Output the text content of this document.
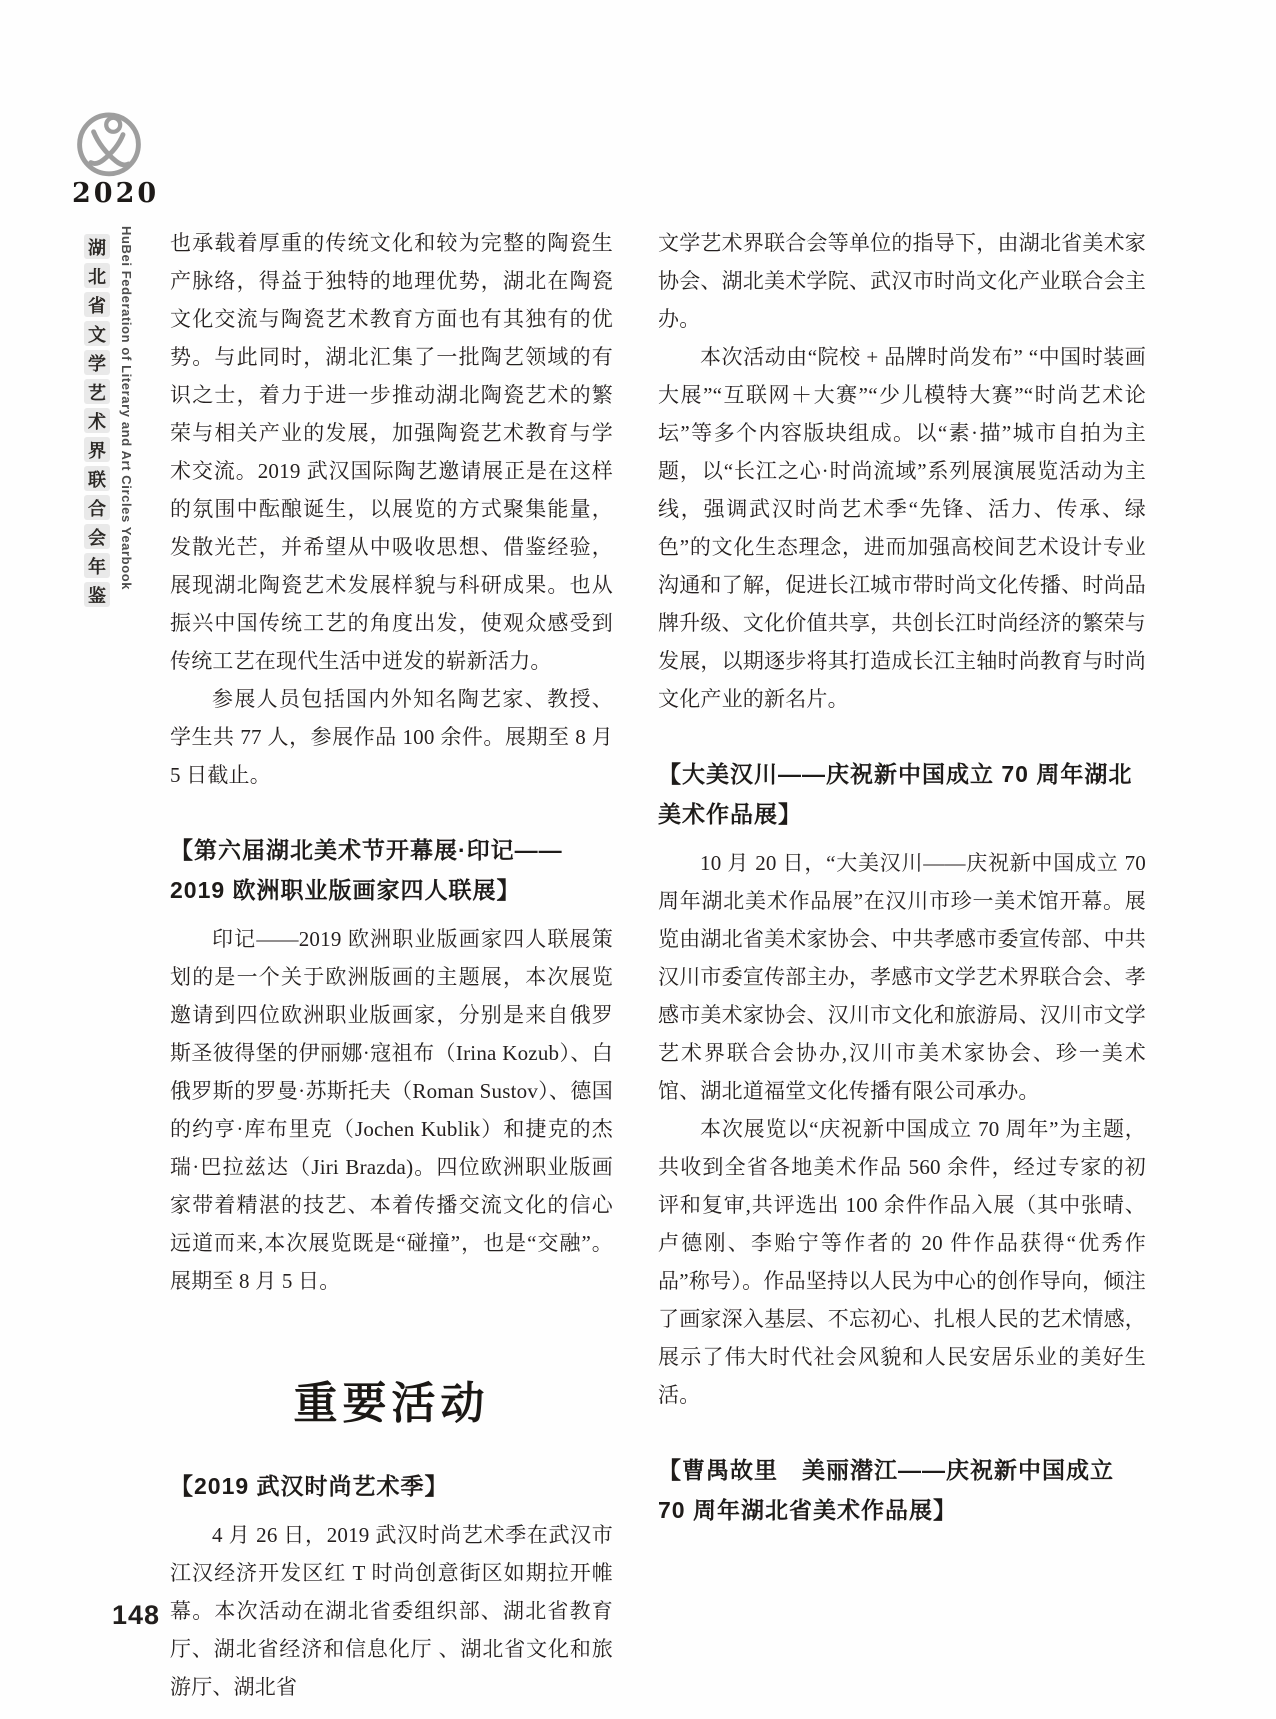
2020
湖
北
省
文
学
艺
术
界
联
合
会
年
鉴
HuBei Federation of Literary and Art Circles Yearbook 也承载着厚重的传统文化和较为完整的陶瓷生产脉络，得益于独特的地理优势，湖北在陶瓷文化交流与陶瓷艺术教育方面也有其独有的优势。与此同时，湖北汇集了一批陶艺领域的有识之士，着力于进一步推动湖北陶瓷艺术的繁荣与相关产业的发展，加强陶瓷艺术教育与学术交流。2019 武汉国际陶艺邀请展正是在这样的氛围中酝酿诞生，以展览的方式聚集能量，发散光芒，并希望从中吸收思想、借鉴经验，展现湖北陶瓷艺术发展样貌与科研成果。也从振兴中国传统工艺的角度出发，使观众感受到传统工艺在现代生活中迸发的崭新活力。

参展人员包括国内外知名陶艺家、教授、学生共 77 人，参展作品 100 余件。展期至 8 月 5 日截止。

【第六届湖北美术节开幕展·印记——2019 欧洲职业版画家四人联展】

印记——2019 欧洲职业版画家四人联展策划的是一个关于欧洲版画的主题展，本次展览邀请到四位欧洲职业版画家，分别是来自俄罗斯圣彼得堡的伊丽娜·寇祖布（Irina Kozub）、白俄罗斯的罗曼·苏斯托夫（Roman Sustov）、德国的约亨·库布里克（Jochen Kublik）和捷克的杰瑞·巴拉兹达（Jiri Brazda)。四位欧洲职业版画家带着精湛的技艺、本着传播交流文化的信心远道而来,本次展览既是“碰撞”，也是“交融”。展期至 8 月 5 日。

重要活动
【2019 武汉时尚艺术季】

4 月 26 日，2019 武汉时尚艺术季在武汉市江汉经济开发区红 T 时尚创意街区如期拉开帷幕。本次活动在湖北省委组织部、湖北省教育厅、湖北省经济和信息化厅 、湖北省文化和旅游厅、湖北省

文学艺术界联合会等单位的指导下，由湖北省美术家协会、湖北美术学院、武汉市时尚文化产业联合会主办。

本次活动由“院校 + 品牌时尚发布” “中国时装画大展”“互联网＋大赛”“少儿模特大赛”“时尚艺术论坛”等多个内容版块组成。以“素·描”城市自拍为主题，以“长江之心·时尚流域”系列展演展览活动为主线，强调武汉时尚艺术季“先锋、活力、传承、绿色”的文化生态理念，进而加强高校间艺术设计专业沟通和了解，促进长江城市带时尚文化传播、时尚品牌升级、文化价值共享，共创长江时尚经济的繁荣与发展，以期逐步将其打造成长江主轴时尚教育与时尚文化产业的新名片。

【大美汉川——庆祝新中国成立 70 周年湖北美术作品展】

10 月 20 日，“大美汉川——庆祝新中国成立 70 周年湖北美术作品展”在汉川市珍一美术馆开幕。展览由湖北省美术家协会、中共孝感市委宣传部、中共汉川市委宣传部主办，孝感市文学艺术界联合会、孝感市美术家协会、汉川市文化和旅游局、汉川市文学艺术界联合会协办,汉川市美术家协会、珍一美术馆、湖北道福堂文化传播有限公司承办。

本次展览以“庆祝新中国成立 70 周年”为主题，共收到全省各地美术作品 560 余件，经过专家的初评和复审,共评选出 100 余件作品入展（其中张晴、卢德刚、李贻宁等作者的 20 件作品获得“优秀作品”称号）。作品坚持以人民为中心的创作导向，倾注了画家深入基层、不忘初心、扎根人民的艺术情感，展示了伟大时代社会风貌和人民安居乐业的美好生活。

【曹禺故里　美丽潜江——庆祝新中国成立 70 周年湖北省美术作品展】
148
